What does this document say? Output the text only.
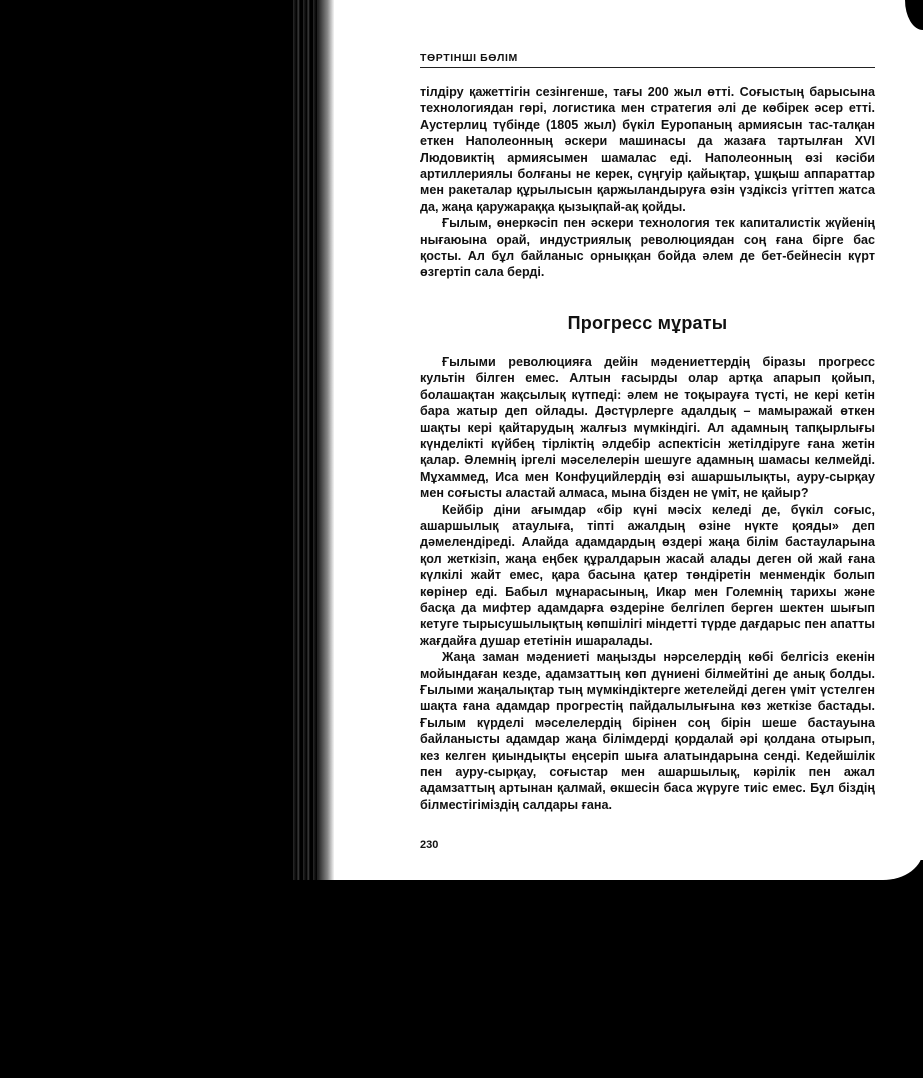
ТӨРТІНШІ БӨЛІМ

тілдіру қажеттігін сезінгенше, тағы 200 жыл өтті. Соғыстың барысына технологиядан гөрі, логистика мен стратегия әлі де көбірек әсер етті. Аустерлиц түбінде (1805 жыл) бүкіл Еуропаның армиясын тас-талқан еткен Наполеонның әскери машинасы да жазаға тартылған XVI Людовиктің армиясымен шамалас еді. Наполеонның өзі кәсіби артиллериялы болғаны не керек, сүңгуір қайықтар, ұшқыш аппараттар мен ракеталар құрылысын қаржыландыруға өзін үздіксіз үгіттеп жатса да, жаңа қаружараққа қызықпай-ақ қойды.

Ғылым, өнеркәсіп пен әскери технология тек капиталистік жүйенің нығаюына орай, индустриялық революциядан соң ғана бірге бас қосты. Ал бұл байланыс орныққан бойда әлем де бет-бейнесін күрт өзгертіп сала берді.

Прогресс мұраты

Ғылыми революцияға дейін мәдениеттердің біразы прогресс культін білген емес. Алтын ғасырды олар артқа апарып қойып, болашақтан жақсылық күтпеді: әлем не тоқырауға түсті, не кері кетін бара жатыр деп ойлады. Дәстүрлерге адалдық – мамыражай өткен шақты кері қайтарудың жалғыз мүмкіндігі. Ал адамның тапқырлығы күнделікті күйбең тірліктің әлдебір аспектісін жетілдіруге ғана жетін қалар. Әлемнің іргелі мәселелерін шешуге адамның шамасы келмейді. Мұхаммед, Иса мен Конфуцийлердің өзі ашаршылықты, ауру-сырқау мен соғысты аластай алмаса, мына бізден не үміт, не қайыр?

Кейбір діни ағымдар «бір күні мәсіх келеді де, бүкіл соғыс, ашаршылық атаулыға, тіпті ажалдың өзіне нүкте қояды» деп дәмелендіреді. Алайда адамдардың өздері жаңа білім бастауларына қол жеткізіп, жаңа еңбек құралдарын жасай алады деген ой жай ғана күлкілі жайт емес, қара басына қатер төндіретін менмендік болып көрінер еді. Бабыл мұнарасының, Икар мен Големнің тарихы және басқа да мифтер адамдарға өздеріне белгілеп берген шектен шығып кетуге тырысушылықтың көпшілігі міндетті түрде дағдарыс пен апатты жағдайға душар ететінін ишаралады.

Жаңа заман мәдениеті маңызды нәрселердің көбі белгісіз екенін мойындаған кезде, адамзаттың көп дүниені білмейтіні де анық болды. Ғылыми жаңалықтар тың мүмкіндіктерге жетелейді деген үміт үстелген шақта ғана адамдар прогрестің пайдалылығына көз жеткізе бастады. Ғылым күрделі мәселелердің бірінен соң бірін шеше бастауына байланысты адамдар жаңа білімдерді қордалай әрі қолдана отырып, кез келген қиындықты еңсеріп шыға алатындарына сенді. Кедейшілік пен ауру-сырқау, соғыстар мен ашаршылық, кәрілік пен ажал адамзаттың артынан қалмай, өкшесін баса жүруге тиіс емес. Бұл біздің білместігіміздің салдары ғана.

230
